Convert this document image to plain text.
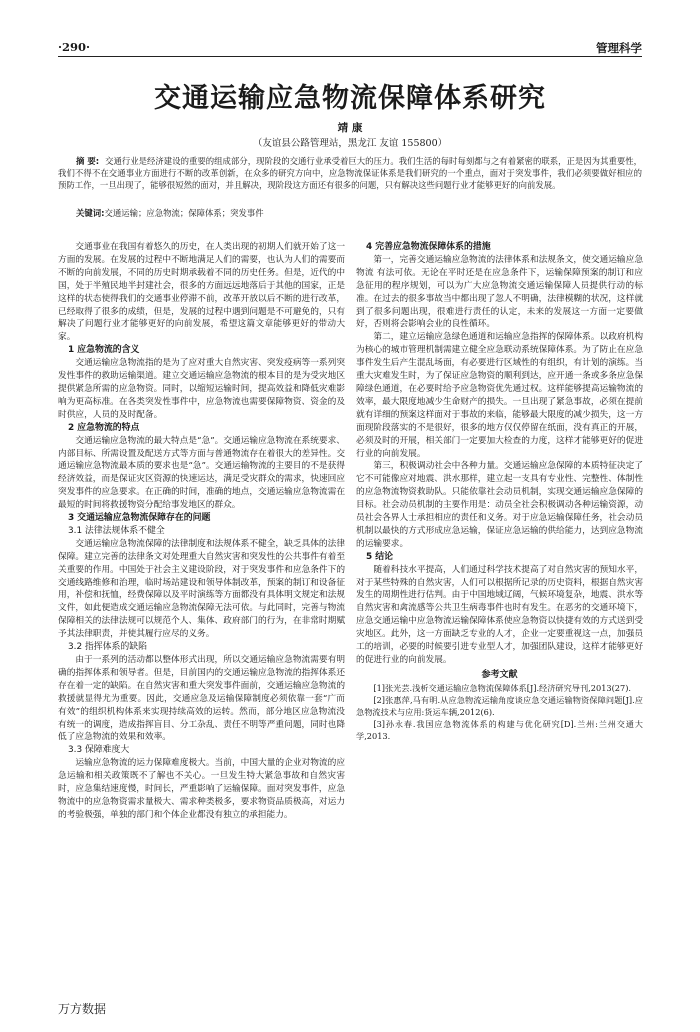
·290·	管理科学
交通运输应急物流保障体系研究
靖 康
（友谊县公路管理站，黑龙江 友谊 155800）
摘 要: 交通行业是经济建设的重要的组成部分，现阶段的交通行业承受着巨大的压力。我们生活的每时每刻都与之有着紧密的联系，正是因为其重要性，我们不得不在交通事业方面进行不断的改革创新，在众多的研究方向中，应急物流保证体系是我们研究的一个重点，面对于突发事件，我们必须要做好相应的预防工作，一旦出现了，能够很短然的面对，并且解决，现阶段这方面还有很多的问题，只有解决这些问题行业才能够更好的向前发展。
关键词:交通运输；应急物流；保障体系；突发事件

交通事业在我国有着悠久的历史，在人类出现的初期人们就开始了这一方面的发展。在发展的过程中不断地满足人们的需要，也认为人们的需要而不断的向前发展，不同的历史时期承载着不同的历史任务。但是，近代的中国，处于半殖民地半封建社会，很多的方面远远地落后于其他的国家，正是这样的状态使得我们的交通事业停滞不前，改革开放以后不断的进行改革，已经取得了很多的成绩，但是，发展的过程中遇到问题是不可避免的，只有解决了问题行业才能够更好的向前发展，希望这篇文章能够更好的带动大家。

1 应急物流的含义

交通运输应急物流指的是为了应对重大自然灾害、突发疫病等一系列突发性事件的救助运输渠道。建立交通运输应急物流的根本目的是为受灾地区提供紧急所需的应急物资。同时，以缩短运输时间，提高效益和降低灾难影响为更高标准。在各类突发性事件中，应急物流也需要保障物资、资金的及时供应，人员的及时配备。

2 应急物流的特点

交通运输应急物流的最大特点是“急”。交通运输应急物流在系统要求、内部目标、所需设置及配送方式等方面与普通物流存在着很大的差异性。交通运输应急物流最本质的要求也是“急”。交通运输物流的主要目的不是获得经济效益，而是保证灾区资源的快速运达，满足受灾群众的需求，快速回应突发事件的应急要求。在正确的时间，准确的地点，交通运输应急物流需在最短的时间将救援物资分配给事发地区的群众。

3 交通运输应急物流保障存在的问题
3.1 法律法规体系不健全

交通运输应急物流保障的法律制度和法规体系不健全，缺乏具体的法律保障。建立完善的法律条文对处理重大自然灾害和突发性的公共事件有着至关重要的作用。中国处于社会主义建设阶段，对于突发事件和应急条件下的交通线路维修和治理，临时场站建设和领导体制改革，预案的制订和设备征用，补偿和抚恤，经费保障以及平时演练等方面都没有具体明文规定和法规文件，如此便造成交通运输应急物流保障无法可依。与此同时，完善与物流保障相关的法律法规可以规范个人、集体、政府部门的行为，在非常时期赋予其法律职责，并使其履行应尽的义务。

3.2 指挥体系的缺陷

由于一系列的活动都以整体形式出现，所以交通运输应急物流需要有明确的指挥体系和领导者。但是，目前国内的交通运输应急物流的指挥体系还存在着一定的缺陷。在自然灾害和重大突发事件面前，交通运输应急物流的救援就显得尤为重要。因此，交通应急及运输保障制度必须依靠一套“广而有效”的组织机构体系来实现持续高效的运转。然而，部分地区应急物流没有统一的调度，造成指挥盲目、分工杂乱、责任不明等严重问题，同时也降低了应急物流的效果和效率。

3.3 保障难度大

运输应急物流的运力保障难度极大。当前，中国大量的企业对物流的应急运输和相关政策既不了解也不关心。一旦发生特大紧急事故和自然灾害时，应急集结速度慢，时间长，严重影响了运输保障。面对突发事件，应急物流中的应急物资需求量极大、需求种类极多，要求物资品质极高，对运力的考验极强，单独的部门和个体企业都没有独立的承担能力。

4 完善应急物流保障体系的措施

第一，完善交通运输应急物流的法律体系和法规条文，使交通运输应急物流 有法可依。无论在平时还是在应急条件下，运输保障预案的制订和应急征用的程序规划，可以为广大应急物流交通运输保障人员提供行动的标准。在过去的很多事故当中都出现了忽人不明确，法律模糊的状况，这样就到了很多问题出现，很难进行责任的认定，未来的发展这一方面一定要做好，否则将会影响会业的良性循环。

第二，建立运输应急绿色通道和运输应急指挥的保障体系。以政府机构为核心的城市管理机制需建立健全应急联动系统保障体系。为了防止在应急事件发生后产生混乱场面，有必要进行区域性的有组织，有计划的演练。当重大灾难发生时，为了保证应急物资的顺利到达，应开通一条或多条应急保障绿色通道，在必要时给予应急物资优先通过权。这样能够提高运输物流的效率，最大限度地减少生命财产的损失。一旦出现了紧急事故，必须在提前就有详细的预案这样面对于事故的来临，能够最大限度的减少损失，这一方面现阶段落实的不是很好，很多的地方仅仅停留在纸面，没有真正的开展，必须及时的开展，相关部门一定要加大检查的力度，这样才能够更好的促进行业的向前发展。

第三，积极调动社会中各种力量。交通运输应急保障的本质特征决定了它不可能像应对地震、洪水那样，建立起一支具有专业性、完整性、体制性的应急物流物资救助队。只能依靠社会动员机制，实现交通运输应急保障的目标。社会动员机制的主要作用是：动员全社会积极调动各种运输资源，动员社会各界人士承担相应的责任和义务。对于应急运输保障任务，社会动员机制以最快的方式形成应急运输，保证应急运输的供给能力，达到应急物流的运输要求。

5 结论

随着科技水平提高，人们通过科学技术提高了对自然灾害的预知水平，对于某些特殊的自然灾害，人们可以根据所记录的历史资料，根据自然灾害发生的周期性进行估判。由于中国地域辽阔，气候环境复杂，地震、洪水等自然灾害和禽流感等公共卫生病毒事件也时有发生。在恶劣的交通环境下，应急交通运输中应急物流运输保障体系使应急物资以快捷有效的方式送到受灾地区。此外，这一方面缺乏专业的人才，企业一定要重视这一点，加强员工的培训，必要的时候要引进专业型人才，加强团队建设，这样才能够更好的促进行业的向前发展。

参考文献

[1]张光芸.浅析交通运输应急物流保障体系[J].经济研究导刊,2013(27).

[2]张惠萍,马有明.从应急物流运输角度谈应急交通运输物资保障问题[J].应急物流技术与应用:货运车辆,2012(6).

[3]孙永春.我国应急物流体系的构建与优化研究[D].兰州:兰州交通大学,2013.

万方数据
